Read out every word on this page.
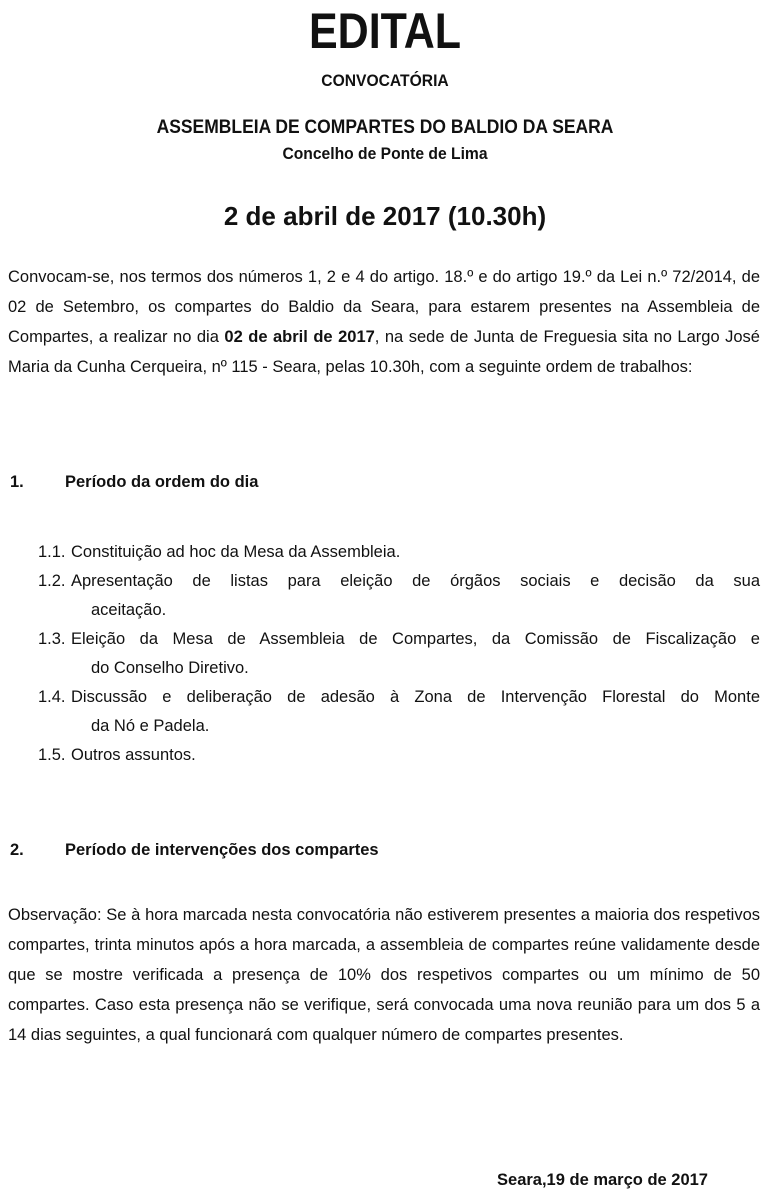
EDITAL
CONVOCATÓRIA
ASSEMBLEIA DE COMPARTES DO BALDIO DA SEARA
Concelho de Ponte de Lima
2 de abril de 2017 (10.30h)
Convocam-se, nos termos dos números 1, 2 e 4 do artigo. 18.º e do artigo 19.º da Lei n.º 72/2014, de 02 de Setembro, os compartes do Baldio da Seara, para estarem presentes na Assembleia de Compartes, a realizar no dia 02 de abril de 2017, na sede de Junta de Freguesia sita no Largo José Maria da Cunha Cerqueira, nº 115 - Seara, pelas 10.30h, com a seguinte ordem de trabalhos:
1. Período da ordem do dia
1.1. Constituição ad hoc da Mesa da Assembleia.
1.2. Apresentação de listas para eleição de órgãos sociais e decisão da sua
aceitação.
1.3. Eleição da Mesa de Assembleia de Compartes, da Comissão de Fiscalização e
do Conselho Diretivo.
1.4. Discussão e deliberação de adesão à Zona de Intervenção Florestal do Monte
da Nó e Padela.
1.5. Outros assuntos.
2. Período de intervenções dos compartes
Observação: Se à hora marcada nesta convocatória não estiverem presentes a maioria dos respetivos compartes, trinta minutos após a hora marcada, a assembleia de compartes reúne validamente desde que se mostre verificada a presença de 10% dos respetivos compartes ou um mínimo de 50 compartes. Caso esta presença não se verifique, será convocada uma nova reunião para um dos 5 a 14 dias seguintes, a qual funcionará com qualquer número de compartes presentes.
Seara,19 de março de 2017
